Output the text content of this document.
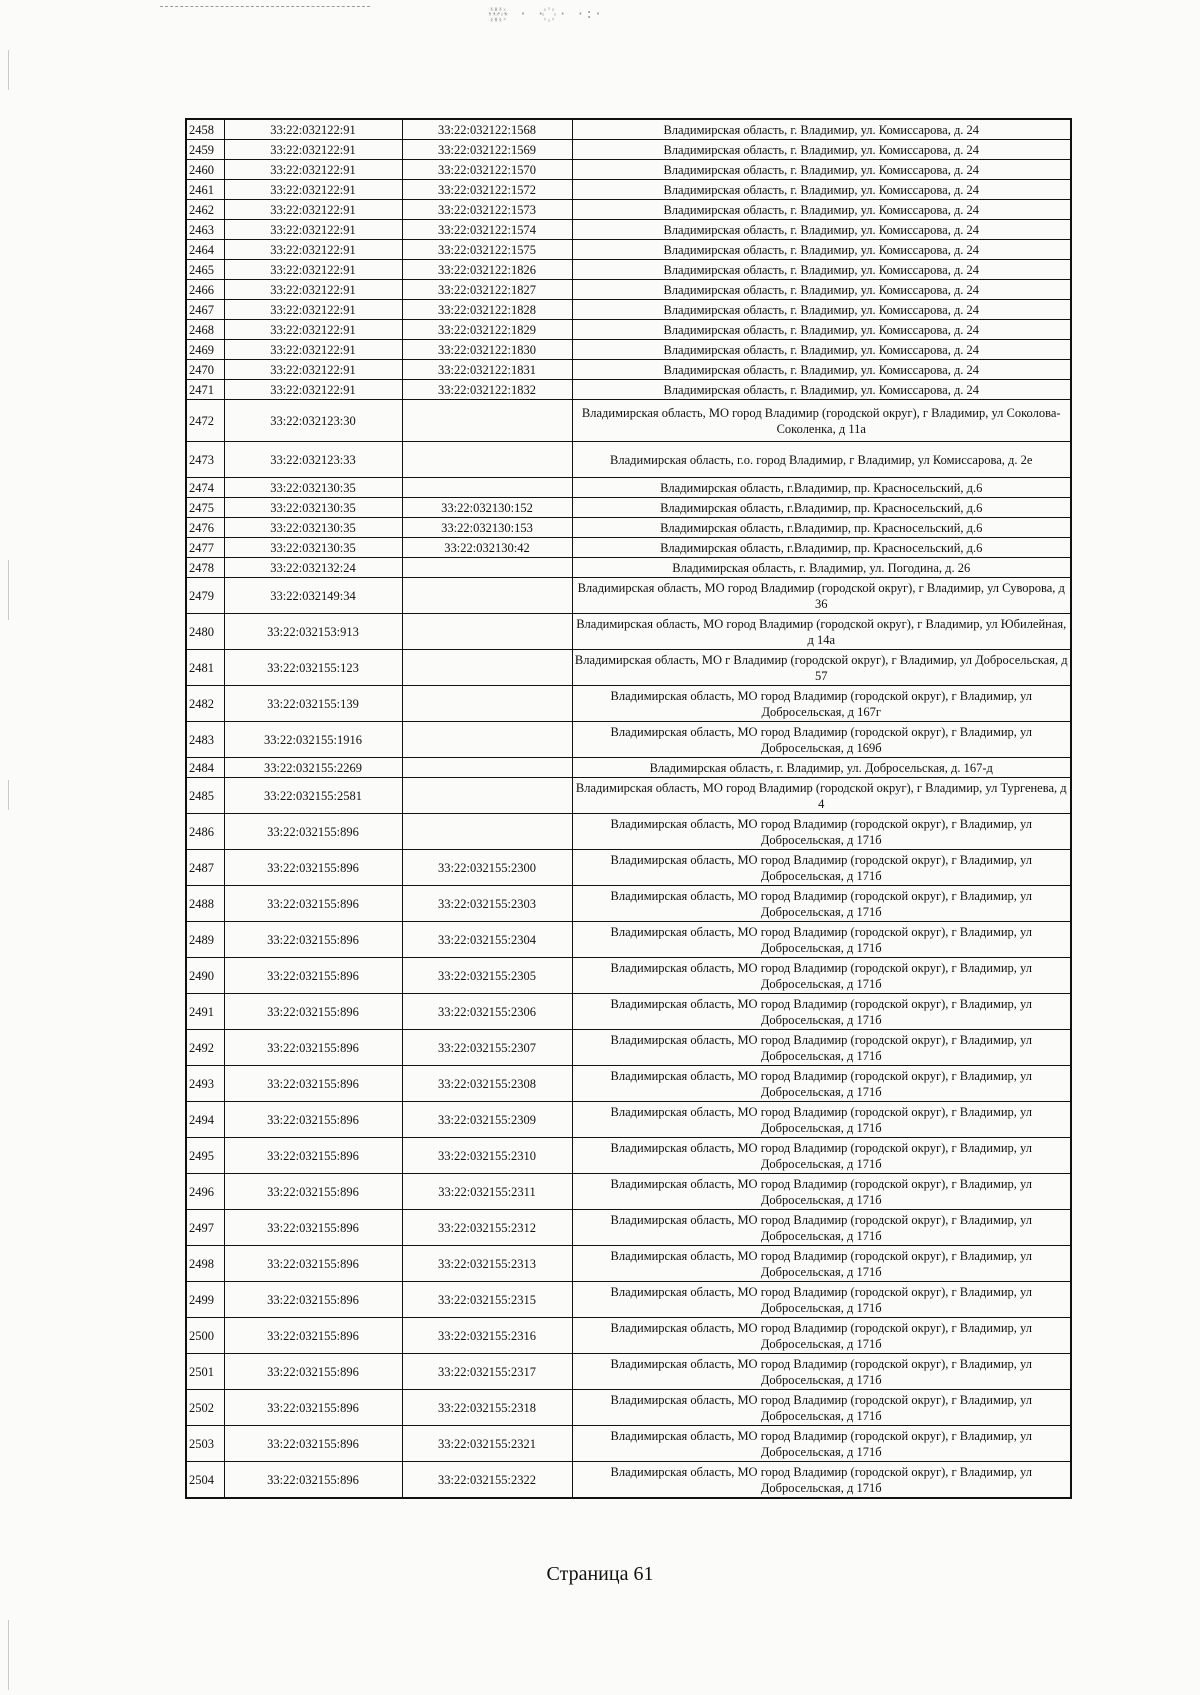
·꙰·꙰·꙰· · · ꙰ · ·:·
2458	33:22:032122:91	33:22:032122:1568	Владимирская область, г. Владимир, ул. Комиссарова, д. 24
2459	33:22:032122:91	33:22:032122:1569	Владимирская область, г. Владимир, ул. Комиссарова, д. 24
2460	33:22:032122:91	33:22:032122:1570	Владимирская область, г. Владимир, ул. Комиссарова, д. 24
2461	33:22:032122:91	33:22:032122:1572	Владимирская область, г. Владимир, ул. Комиссарова, д. 24
2462	33:22:032122:91	33:22:032122:1573	Владимирская область, г. Владимир, ул. Комиссарова, д. 24
2463	33:22:032122:91	33:22:032122:1574	Владимирская область, г. Владимир, ул. Комиссарова, д. 24
2464	33:22:032122:91	33:22:032122:1575	Владимирская область, г. Владимир, ул. Комиссарова, д. 24
2465	33:22:032122:91	33:22:032122:1826	Владимирская область, г. Владимир, ул. Комиссарова, д. 24
2466	33:22:032122:91	33:22:032122:1827	Владимирская область, г. Владимир, ул. Комиссарова, д. 24
2467	33:22:032122:91	33:22:032122:1828	Владимирская область, г. Владимир, ул. Комиссарова, д. 24
2468	33:22:032122:91	33:22:032122:1829	Владимирская область, г. Владимир, ул. Комиссарова, д. 24
2469	33:22:032122:91	33:22:032122:1830	Владимирская область, г. Владимир, ул. Комиссарова, д. 24
2470	33:22:032122:91	33:22:032122:1831	Владимирская область, г. Владимир, ул. Комиссарова, д. 24
2471	33:22:032122:91	33:22:032122:1832	Владимирская область, г. Владимир, ул. Комиссарова, д. 24
2472	33:22:032123:30		Владимирская область, МО город Владимир (городской округ), г Владимир, ул Соколова-Соколенка, д 11а
2473	33:22:032123:33		Владимирская область, г.о. город Владимир, г Владимир, ул Комиссарова, д. 2е
2474	33:22:032130:35		Владимирская область, г.Владимир, пр. Красносельский, д.6
2475	33:22:032130:35	33:22:032130:152	Владимирская область, г.Владимир, пр. Красносельский, д.6
2476	33:22:032130:35	33:22:032130:153	Владимирская область, г.Владимир, пр. Красносельский, д.6
2477	33:22:032130:35	33:22:032130:42	Владимирская область, г.Владимир, пр. Красносельский, д.6
2478	33:22:032132:24		Владимирская область, г. Владимир, ул. Погодина, д. 26
2479	33:22:032149:34		Владимирская область, МО город Владимир (городской округ), г Владимир, ул Суворова, д 36
2480	33:22:032153:913		Владимирская область, МО город Владимир (городской округ), г Владимир, ул Юбилейная, д 14а
2481	33:22:032155:123		Владимирская область, МО г Владимир (городской округ), г Владимир, ул Добросельская, д 57
2482	33:22:032155:139		Владимирская область, МО город Владимир (городской округ), г Владимир, ул Добросельская, д 167г
2483	33:22:032155:1916		Владимирская область, МО город Владимир (городской округ), г Владимир, ул Добросельская, д 169б
2484	33:22:032155:2269		Владимирская область, г. Владимир, ул. Добросельская, д. 167-д
2485	33:22:032155:2581		Владимирская область, МО город Владимир (городской округ), г Владимир, ул Тургенева, д 4
2486	33:22:032155:896		Владимирская область, МО город Владимир (городской округ), г Владимир, ул Добросельская, д 171б
2487	33:22:032155:896	33:22:032155:2300	Владимирская область, МО город Владимир (городской округ), г Владимир, ул Добросельская, д 171б
2488	33:22:032155:896	33:22:032155:2303	Владимирская область, МО город Владимир (городской округ), г Владимир, ул Добросельская, д 171б
2489	33:22:032155:896	33:22:032155:2304	Владимирская область, МО город Владимир (городской округ), г Владимир, ул Добросельская, д 171б
2490	33:22:032155:896	33:22:032155:2305	Владимирская область, МО город Владимир (городской округ), г Владимир, ул Добросельская, д 171б
2491	33:22:032155:896	33:22:032155:2306	Владимирская область, МО город Владимир (городской округ), г Владимир, ул Добросельская, д 171б
2492	33:22:032155:896	33:22:032155:2307	Владимирская область, МО город Владимир (городской округ), г Владимир, ул Добросельская, д 171б
2493	33:22:032155:896	33:22:032155:2308	Владимирская область, МО город Владимир (городской округ), г Владимир, ул Добросельская, д 171б
2494	33:22:032155:896	33:22:032155:2309	Владимирская область, МО город Владимир (городской округ), г Владимир, ул Добросельская, д 171б
2495	33:22:032155:896	33:22:032155:2310	Владимирская область, МО город Владимир (городской округ), г Владимир, ул Добросельская, д 171б
2496	33:22:032155:896	33:22:032155:2311	Владимирская область, МО город Владимир (городской округ), г Владимир, ул Добросельская, д 171б
2497	33:22:032155:896	33:22:032155:2312	Владимирская область, МО город Владимир (городской округ), г Владимир, ул Добросельская, д 171б
2498	33:22:032155:896	33:22:032155:2313	Владимирская область, МО город Владимир (городской округ), г Владимир, ул Добросельская, д 171б
2499	33:22:032155:896	33:22:032155:2315	Владимирская область, МО город Владимир (городской округ), г Владимир, ул Добросельская, д 171б
2500	33:22:032155:896	33:22:032155:2316	Владимирская область, МО город Владимир (городской округ), г Владимир, ул Добросельская, д 171б
2501	33:22:032155:896	33:22:032155:2317	Владимирская область, МО город Владимир (городской округ), г Владимир, ул Добросельская, д 171б
2502	33:22:032155:896	33:22:032155:2318	Владимирская область, МО город Владимир (городской округ), г Владимир, ул Добросельская, д 171б
2503	33:22:032155:896	33:22:032155:2321	Владимирская область, МО город Владимир (городской округ), г Владимир, ул Добросельская, д 171б
2504	33:22:032155:896	33:22:032155:2322	Владимирская область, МО город Владимир (городской округ), г Владимир, ул Добросельская, д 171б
Страница 61
